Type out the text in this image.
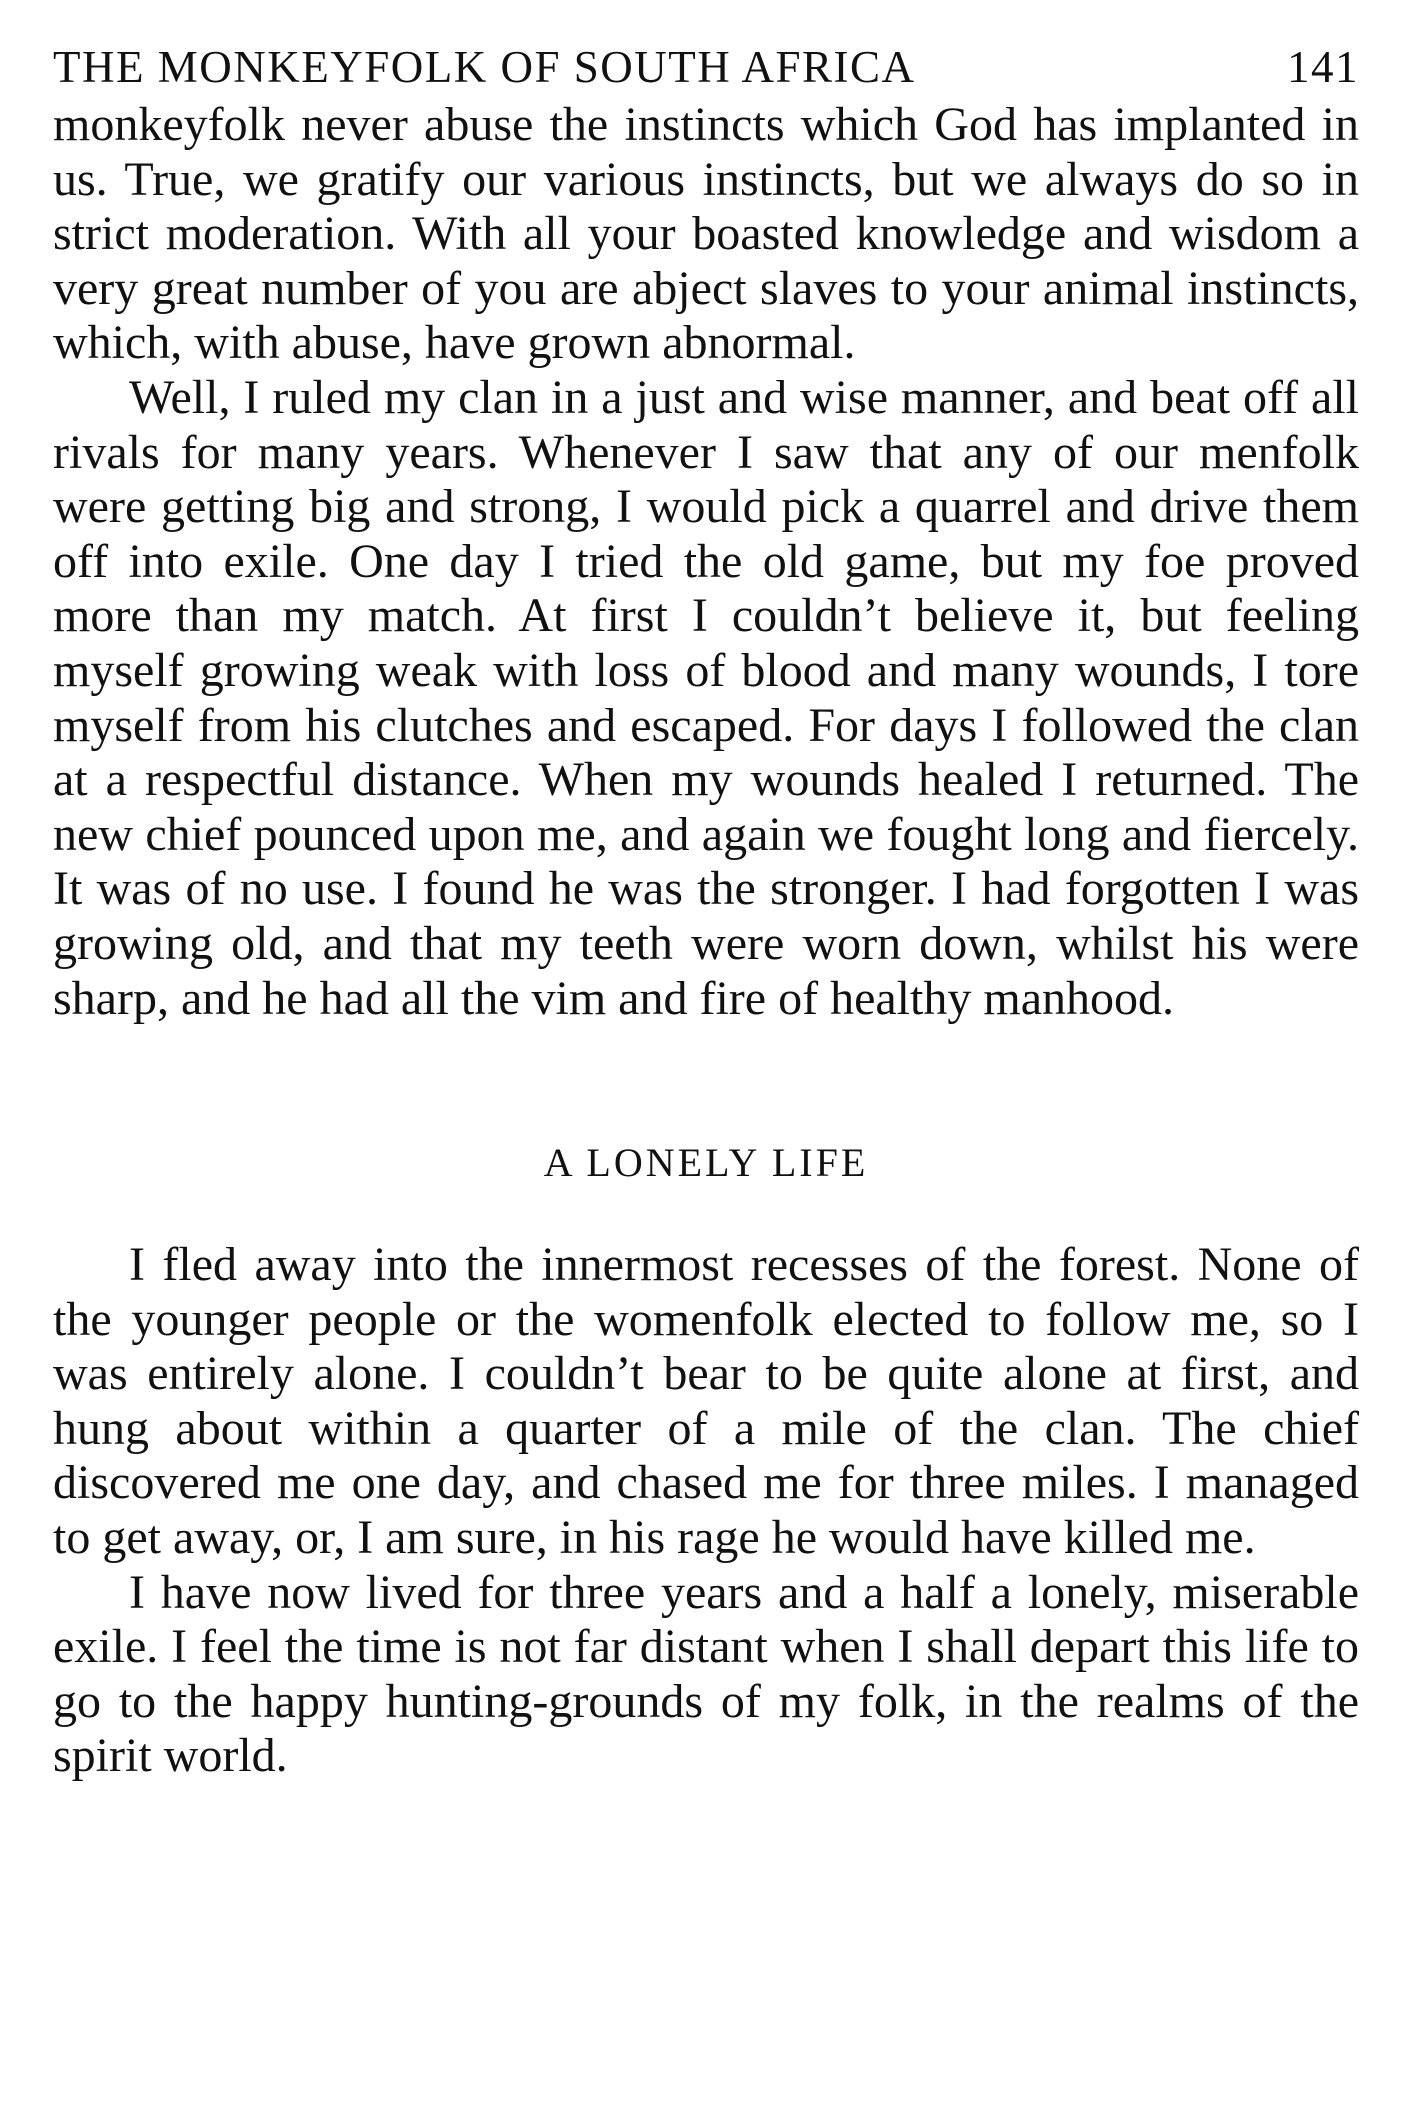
THE MONKEYFOLK OF SOUTH AFRICA	141

monkeyfolk never abuse the instincts which God has implanted in us. True, we gratify our various instincts, but we always do so in strict moderation. With all your boasted knowledge and wisdom a very great number of you are abject slaves to your animal instincts, which, with abuse, have grown abnormal.

Well, I ruled my clan in a just and wise manner, and beat off all rivals for many years. Whenever I saw that any of our menfolk were getting big and strong, I would pick a quarrel and drive them off into exile. One day I tried the old game, but my foe proved more than my match. At first I couldn’t believe it, but feeling myself growing weak with loss of blood and many wounds, I tore myself from his clutches and escaped. For days I followed the clan at a respectful distance. When my wounds healed I returned. The new chief pounced upon me, and again we fought long and fiercely. It was of no use. I found he was the stronger. I had forgotten I was growing old, and that my teeth were worn down, whilst his were sharp, and he had all the vim and fire of healthy manhood.

A LONELY LIFE

I fled away into the innermost recesses of the forest. None of the younger people or the womenfolk elected to follow me, so I was entirely alone. I couldn’t bear to be quite alone at first, and hung about within a quarter of a mile of the clan. The chief discovered me one day, and chased me for three miles. I managed to get away, or, I am sure, in his rage he would have killed me.

I have now lived for three years and a half a lonely, miserable exile. I feel the time is not far distant when I shall depart this life to go to the happy hunting-grounds of my folk, in the realms of the spirit world.
